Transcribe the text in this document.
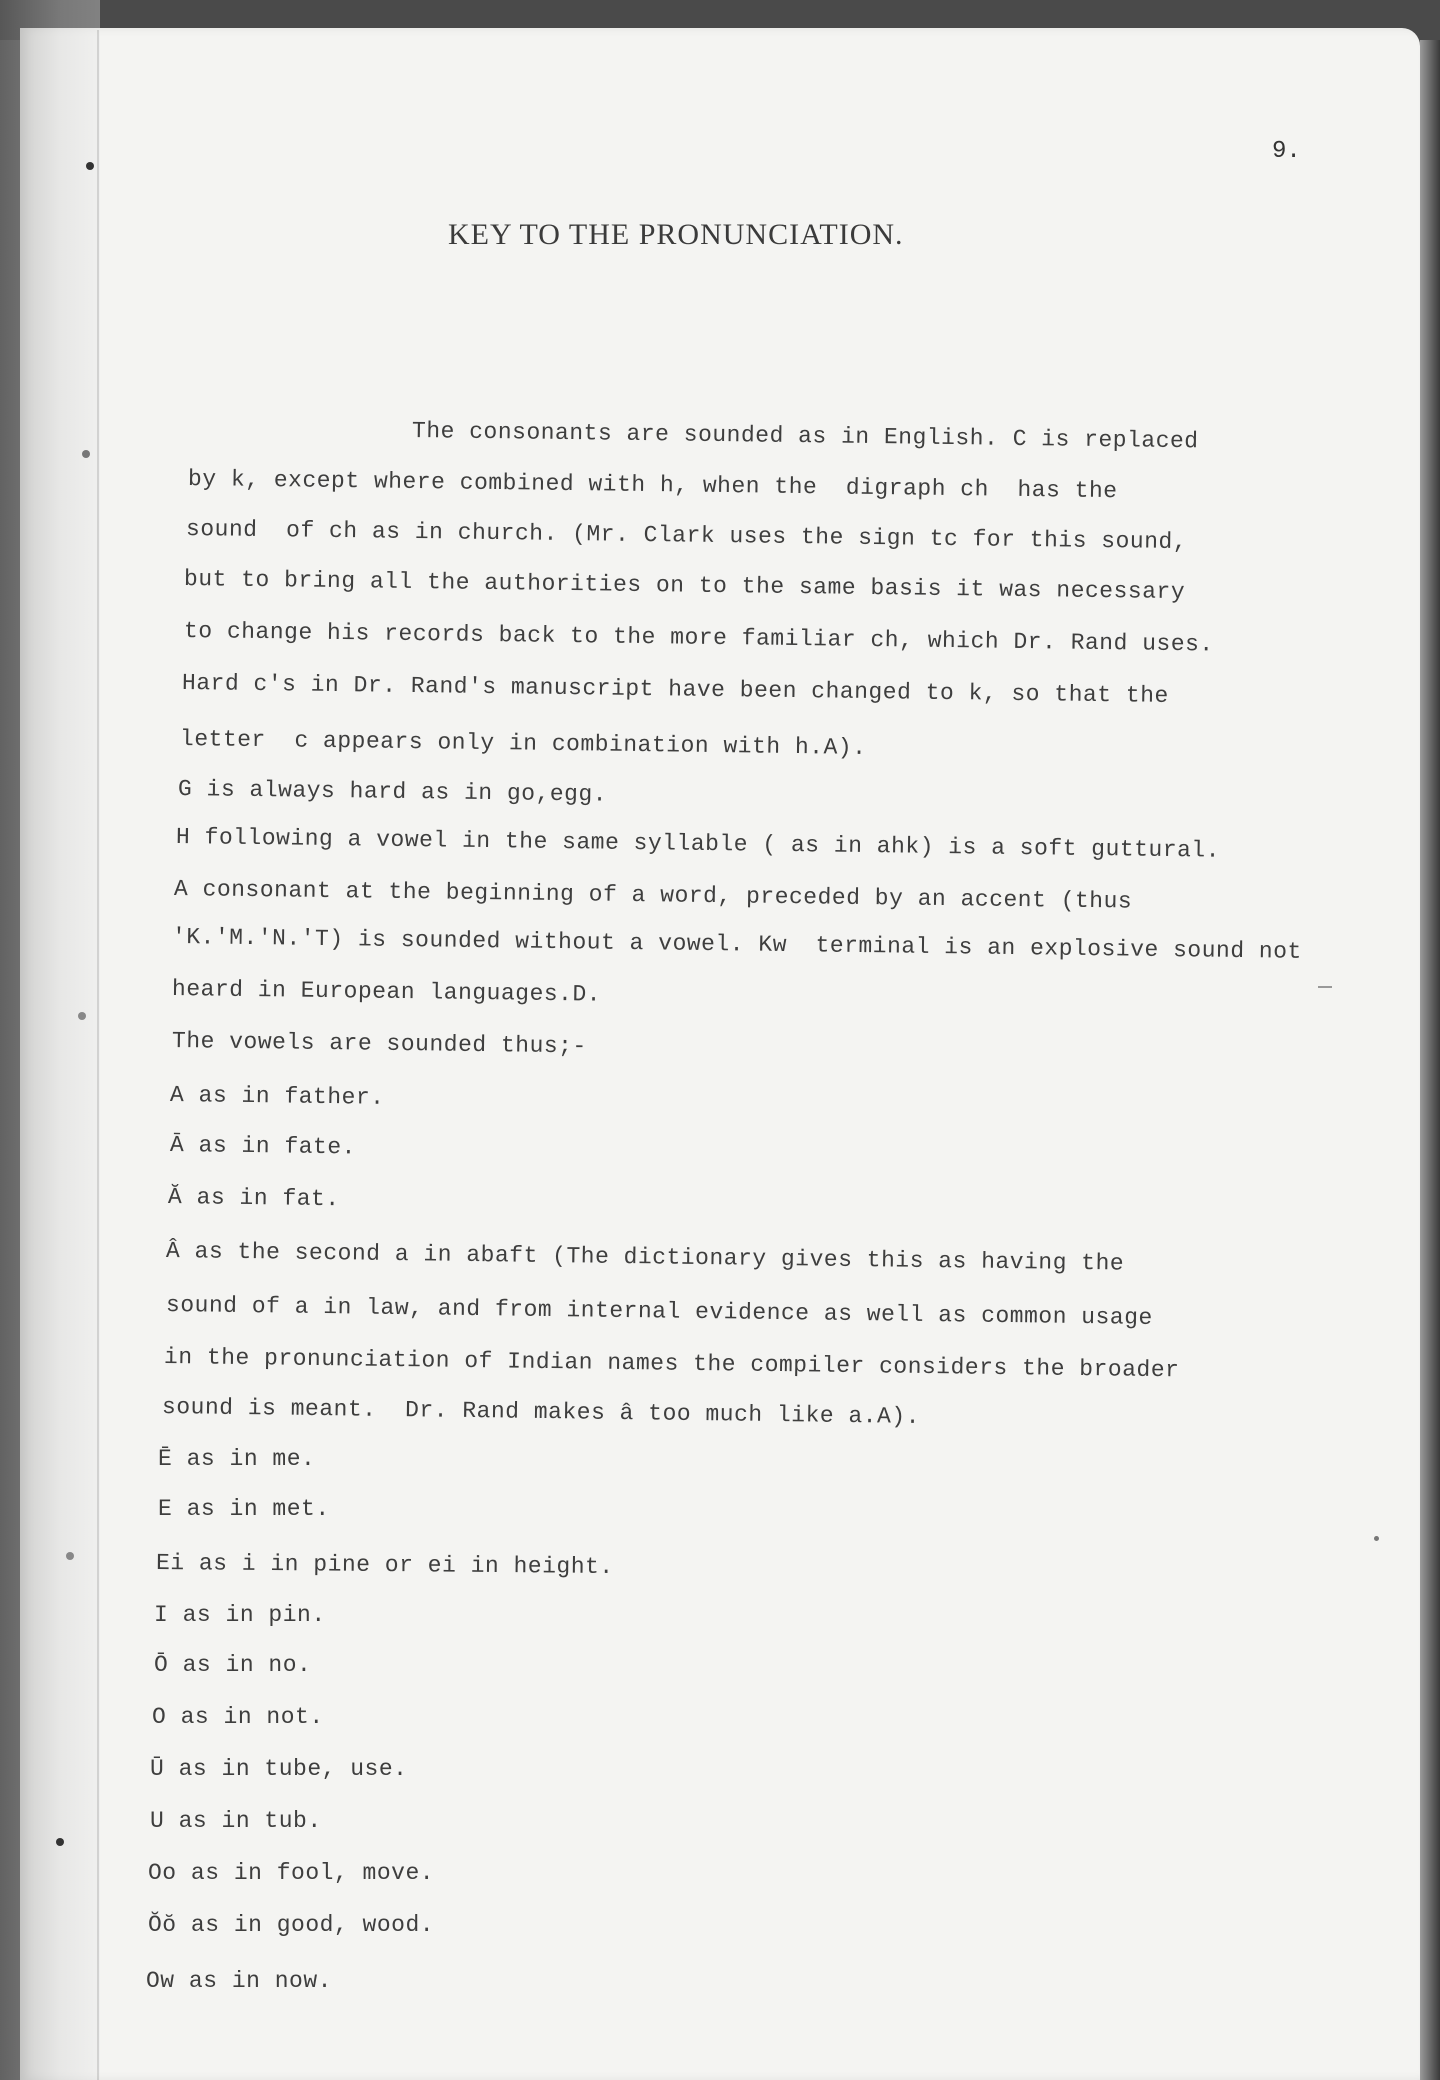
9.
KEY TO THE PRONUNCIATION.
The consonants are sounded as in English. C is replaced
by k, except where combined with h, when the  digraph ch  has the
sound  of ch as in church. (Mr. Clark uses the sign tc for this sound,
but to bring all the authorities on to the same basis it was necessary
to change his records back to the more familiar ch, which Dr. Rand uses.
Hard c's in Dr. Rand's manuscript have been changed to k, so that the
letter  c appears only in combination with h.A).
G is always hard as in go,egg.
H following a vowel in the same syllable ( as in ahk) is a soft guttural.
A consonant at the beginning of a word, preceded by an accent (thus
'K.'M.'N.'T) is sounded without a vowel. Kw  terminal is an explosive sound not
heard in European languages.D.
The vowels are sounded thus;-
A as in father.
Ā as in fate.
Ă as in fat.
Â as the second a in abaft (The dictionary gives this as having the
sound of a in law, and from internal evidence as well as common usage
in the pronunciation of Indian names the compiler considers the broader
sound is meant.  Dr. Rand makes â too much like a.A).
Ē as in me.
E as in met.
Ei as i in pine or ei in height.
I as in pin.
Ō as in no.
O as in not.
Ū as in tube, use.
U as in tub.
Oo as in fool, move.
Ŏŏ as in good, wood.
Ow as in now.
